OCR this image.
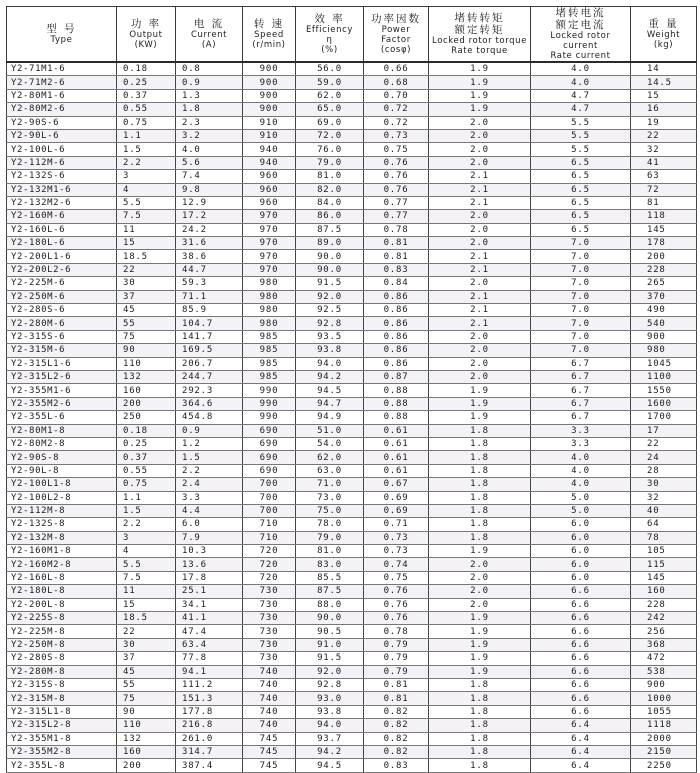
型 号
Type	功 率
Output
(KW)	电 流
Current
(A)	转 速
Speed
(r/min)	效 率
Efficiency
η
(%)	功率因数
Power
Factor
(cosφ)	堵转转矩
额定转矩
Locked rotor torque
Rate torque	堵转电流
额定电流
Locked rotor current
Rate current	重 量
Weight
(kg)

Y2-71M1-6	0.18	0.8	900	56.0	0.66	1.9	4.0	14
Y2-71M2-6	0.25	0.9	900	59.0	0.68	1.9	4.0	14.5
Y2-80M1-6	0.37	1.3	900	62.0	0.70	1.9	4.7	15
Y2-80M2-6	0.55	1.8	900	65.0	0.72	1.9	4.7	16
Y2-90S-6	0.75	2.3	910	69.0	0.72	2.0	5.5	19
Y2-90L-6	1.1	3.2	910	72.0	0.73	2.0	5.5	22
Y2-100L-6	1.5	4.0	940	76.0	0.75	2.0	5.5	32
Y2-112M-6	2.2	5.6	940	79.0	0.76	2.0	6.5	41
Y2-132S-6	3	7.4	960	81.0	0.76	2.1	6.5	63
Y2-132M1-6	4	9.8	960	82.0	0.76	2.1	6.5	72
Y2-132M2-6	5.5	12.9	960	84.0	0.77	2.1	6.5	81
Y2-160M-6	7.5	17.2	970	86.0	0.77	2.0	6.5	118
Y2-160L-6	11	24.2	970	87.5	0.78	2.0	6.5	145
Y2-180L-6	15	31.6	970	89.0	0.81	2.0	7.0	178
Y2-200L1-6	18.5	38.6	970	90.0	0.81	2.1	7.0	200
Y2-200L2-6	22	44.7	970	90.0	0.83	2.1	7.0	228
Y2-225M-6	30	59.3	980	91.5	0.84	2.0	7.0	265
Y2-250M-6	37	71.1	980	92.0	0.86	2.1	7.0	370
Y2-280S-6	45	85.9	980	92.5	0.86	2.1	7.0	490
Y2-280M-6	55	104.7	980	92.8	0.86	2.1	7.0	540
Y2-315S-6	75	141.7	985	93.5	0.86	2.0	7.0	900
Y2-315M-6	90	169.5	985	93.8	0.86	2.0	7.0	980
Y2-315L1-6	110	206.7	985	94.0	0.86	2.0	6.7	1045
Y2-315L2-6	132	244.7	985	94.2	0.87	2.0	6.7	1100
Y2-355M1-6	160	292.3	990	94.5	0.88	1.9	6.7	1550
Y2-355M2-6	200	364.6	990	94.7	0.88	1.9	6.7	1600
Y2-355L-6	250	454.8	990	94.9	0.88	1.9	6.7	1700
Y2-80M1-8	0.18	0.9	690	51.0	0.61	1.8	3.3	17
Y2-80M2-8	0.25	1.2	690	54.0	0.61	1.8	3.3	22
Y2-90S-8	0.37	1.5	690	62.0	0.61	1.8	4.0	24
Y2-90L-8	0.55	2.2	690	63.0	0.61	1.8	4.0	28
Y2-100L1-8	0.75	2.4	700	71.0	0.67	1.8	4.0	30
Y2-100L2-8	1.1	3.3	700	73.0	0.69	1.8	5.0	32
Y2-112M-8	1.5	4.4	700	75.0	0.69	1.8	5.0	40
Y2-132S-8	2.2	6.0	710	78.0	0.71	1.8	6.0	64
Y2-132M-8	3	7.9	710	79.0	0.73	1.8	6.0	78
Y2-160M1-8	4	10.3	720	81.0	0.73	1.9	6.0	105
Y2-160M2-8	5.5	13.6	720	83.0	0.74	2.0	6.0	115
Y2-160L-8	7.5	17.8	720	85.5	0.75	2.0	6.0	145
Y2-180L-8	11	25.1	730	87.5	0.76	2.0	6.6	160
Y2-200L-8	15	34.1	730	88.0	0.76	2.0	6.6	228
Y2-225S-8	18.5	41.1	730	90.0	0.76	1.9	6.6	242
Y2-225M-8	22	47.4	730	90.5	0.78	1.9	6.6	256
Y2-250M-8	30	63.4	730	91.0	0.79	1.9	6.6	368
Y2-280S-8	37	77.8	730	91.5	0.79	1.9	6.6	472
Y2-280M-8	45	94.1	740	92.0	0.79	1.9	6.6	538
Y2-315S-8	55	111.2	740	92.8	0.81	1.8	6.6	900
Y2-315M-8	75	151.3	740	93.0	0.81	1.8	6.6	1000
Y2-315L1-8	90	177.8	740	93.8	0.82	1.8	6.6	1055
Y2-315L2-8	110	216.8	740	94.0	0.82	1.8	6.4	1118
Y2-355M1-8	132	261.0	745	93.7	0.82	1.8	6.4	2000
Y2-355M2-8	160	314.7	745	94.2	0.82	1.8	6.4	2150
Y2-355L-8	200	387.4	745	94.5	0.83	1.8	6.4	2250
